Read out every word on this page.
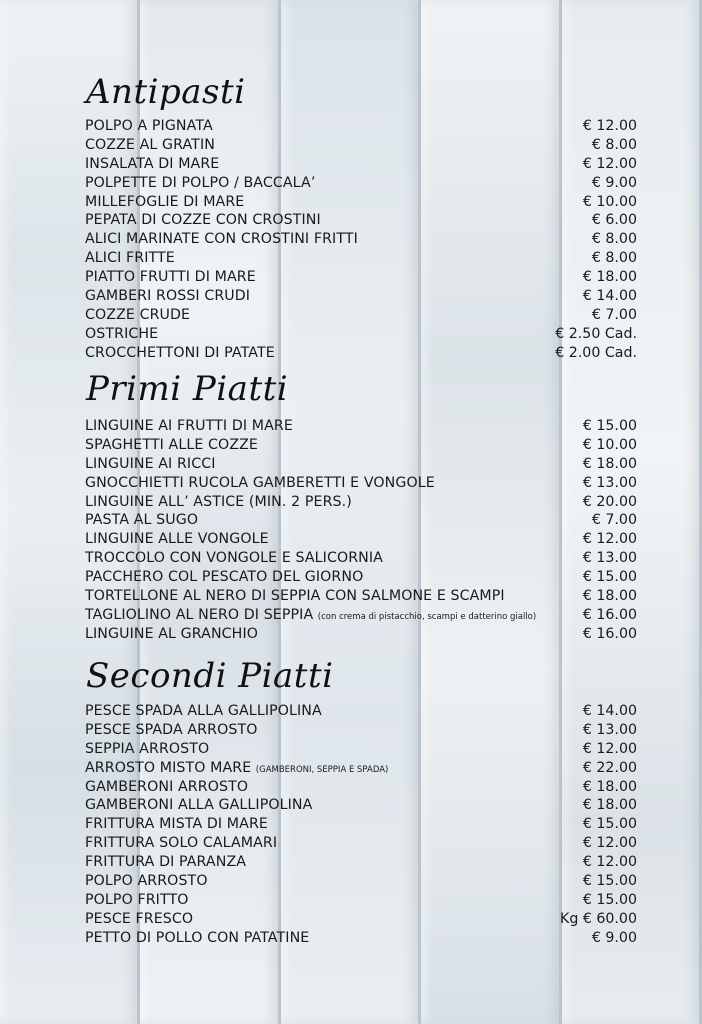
Antipasti
POLPO A PIGNATA	€ 12.00
COZZE AL GRATIN	€ 8.00
INSALATA DI MARE	€ 12.00
POLPETTE DI POLPO / BACCALA’	€ 9.00
MILLEFOGLIE DI MARE	€ 10.00
PEPATA DI COZZE CON CROSTINI	€ 6.00
ALICI MARINATE CON CROSTINI FRITTI	€ 8.00
ALICI FRITTE	€ 8.00
PIATTO FRUTTI DI MARE	€ 18.00
GAMBERI ROSSI CRUDI	€ 14.00
COZZE CRUDE	€ 7.00
OSTRICHE	€ 2.50 Cad.
CROCCHETTONI DI PATATE	€ 2.00 Cad.
Primi Piatti
LINGUINE AI FRUTTI DI MARE	€ 15.00
SPAGHETTI ALLE COZZE	€ 10.00
LINGUINE AI RICCI	€ 18.00
GNOCCHIETTI RUCOLA GAMBERETTI E VONGOLE	€ 13.00
LINGUINE ALL’ ASTICE (MIN. 2 PERS.)	€ 20.00
PASTA AL SUGO	€ 7.00
LINGUINE ALLE VONGOLE	€ 12.00
TROCCOLO CON VONGOLE E SALICORNIA	€ 13.00
PACCHERO COL PESCATO DEL GIORNO	€ 15.00
TORTELLONE AL NERO DI SEPPIA CON SALMONE E SCAMPI	€ 18.00
TAGLIOLINO AL NERO DI SEPPIA (con crema di pistacchio, scampi e datterino giallo)	€ 16.00
LINGUINE AL GRANCHIO	€ 16.00
Secondi Piatti
PESCE SPADA ALLA GALLIPOLINA	€ 14.00
PESCE SPADA ARROSTO	€ 13.00
SEPPIA ARROSTO	€ 12.00
ARROSTO MISTO MARE (GAMBERONI, SEPPIA E SPADA)	€ 22.00
GAMBERONI ARROSTO	€ 18.00
GAMBERONI ALLA GALLIPOLINA	€ 18.00
FRITTURA MISTA DI MARE	€ 15.00
FRITTURA SOLO CALAMARI	€ 12.00
FRITTURA DI PARANZA	€ 12.00
POLPO ARROSTO	€ 15.00
POLPO FRITTO	€ 15.00
PESCE FRESCO	Kg € 60.00
PETTO DI POLLO CON PATATINE	€ 9.00
